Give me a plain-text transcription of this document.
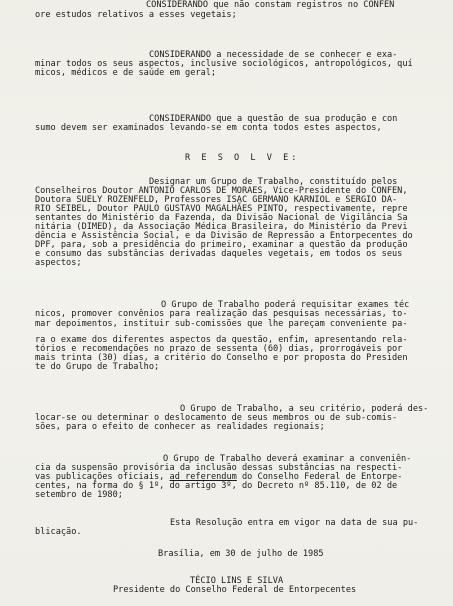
CONSIDERANDO que não constam registros no CONFEN
ore estudos relativos a esses vegetais;
CONSIDERANDO a necessidade de se conhecer e exa-
minar todos os seus aspectos, inclusive sociológicos, antropológicos, quí
micos, médicos e de saúde em geral;
CONSIDERANDO que a questão de sua produção e con
sumo devem ser examinados levando-se em conta todos estes aspectos,
R E S O L V E:
Designar um Grupo de Trabalho, constituído pelos
Conselheiros Doutor ANTONIO CARLOS DE MORAES, Vice-Presidente do CONFEN,
Doutora SUELY ROZENFELD, Professores ISAC GERMANO KARNIOL e SERGIO DA-
RIO SEIBEL, Doutor PAULO GUSTAVO MAGALHÃES PINTO, respectivamente, repre
sentantes do Ministério da Fazenda, da Divisão Nacional de Vigilância Sa
nitária (DIMED), da Associação Médica Brasileira, do Ministério da Previ
dência e Assistência Social, e da Divisão de Repressão a Entorpecentes do
DPF, para, sob a presidência do primeiro, examinar a questão da produção
e consumo das substâncias derivadas daqueles vegetais, em todos os seus
aspectos;
O Grupo de Trabalho poderá requisitar exames téc
nicos, promover convênios para realização das pesquisas necessárias, to-
mar depoimentos, instituir sub-comissões que lhe pareçam conveniente pa-
ra o exame dos diferentes aspectos da questão, enfim, apresentando rela-
tórios e recomendações no prazo de sessenta (60) dias, prorrogáveis por
mais trinta (30) dias, a critério do Conselho e por proposta do Presiden
te do Grupo de Trabalho;
O Grupo de Trabalho, a seu critério, poderá des-
locar-se ou determinar o deslocamento de seus membros ou de sub-comis-
sões, para o efeito de conhecer as realidades regionais;
O Grupo de Trabalho deverá examinar a conveniên-
cia da suspensão provisória da inclusão dessas substâncias na respecti-
vas publicações oficiais, ad referendum do Conselho Federal de Entorpe-
centes, na forma do § 1º, do artigo 3º, do Decreto nº 85.110, de 02 de
setembro de 1980;
Esta Resolução entra em vigor na data de sua pu-
blicação.
Brasília, em 30 de julho de 1985
TÉCIO LINS E SILVA
Presidente do Conselho Federal de Entorpecentes
